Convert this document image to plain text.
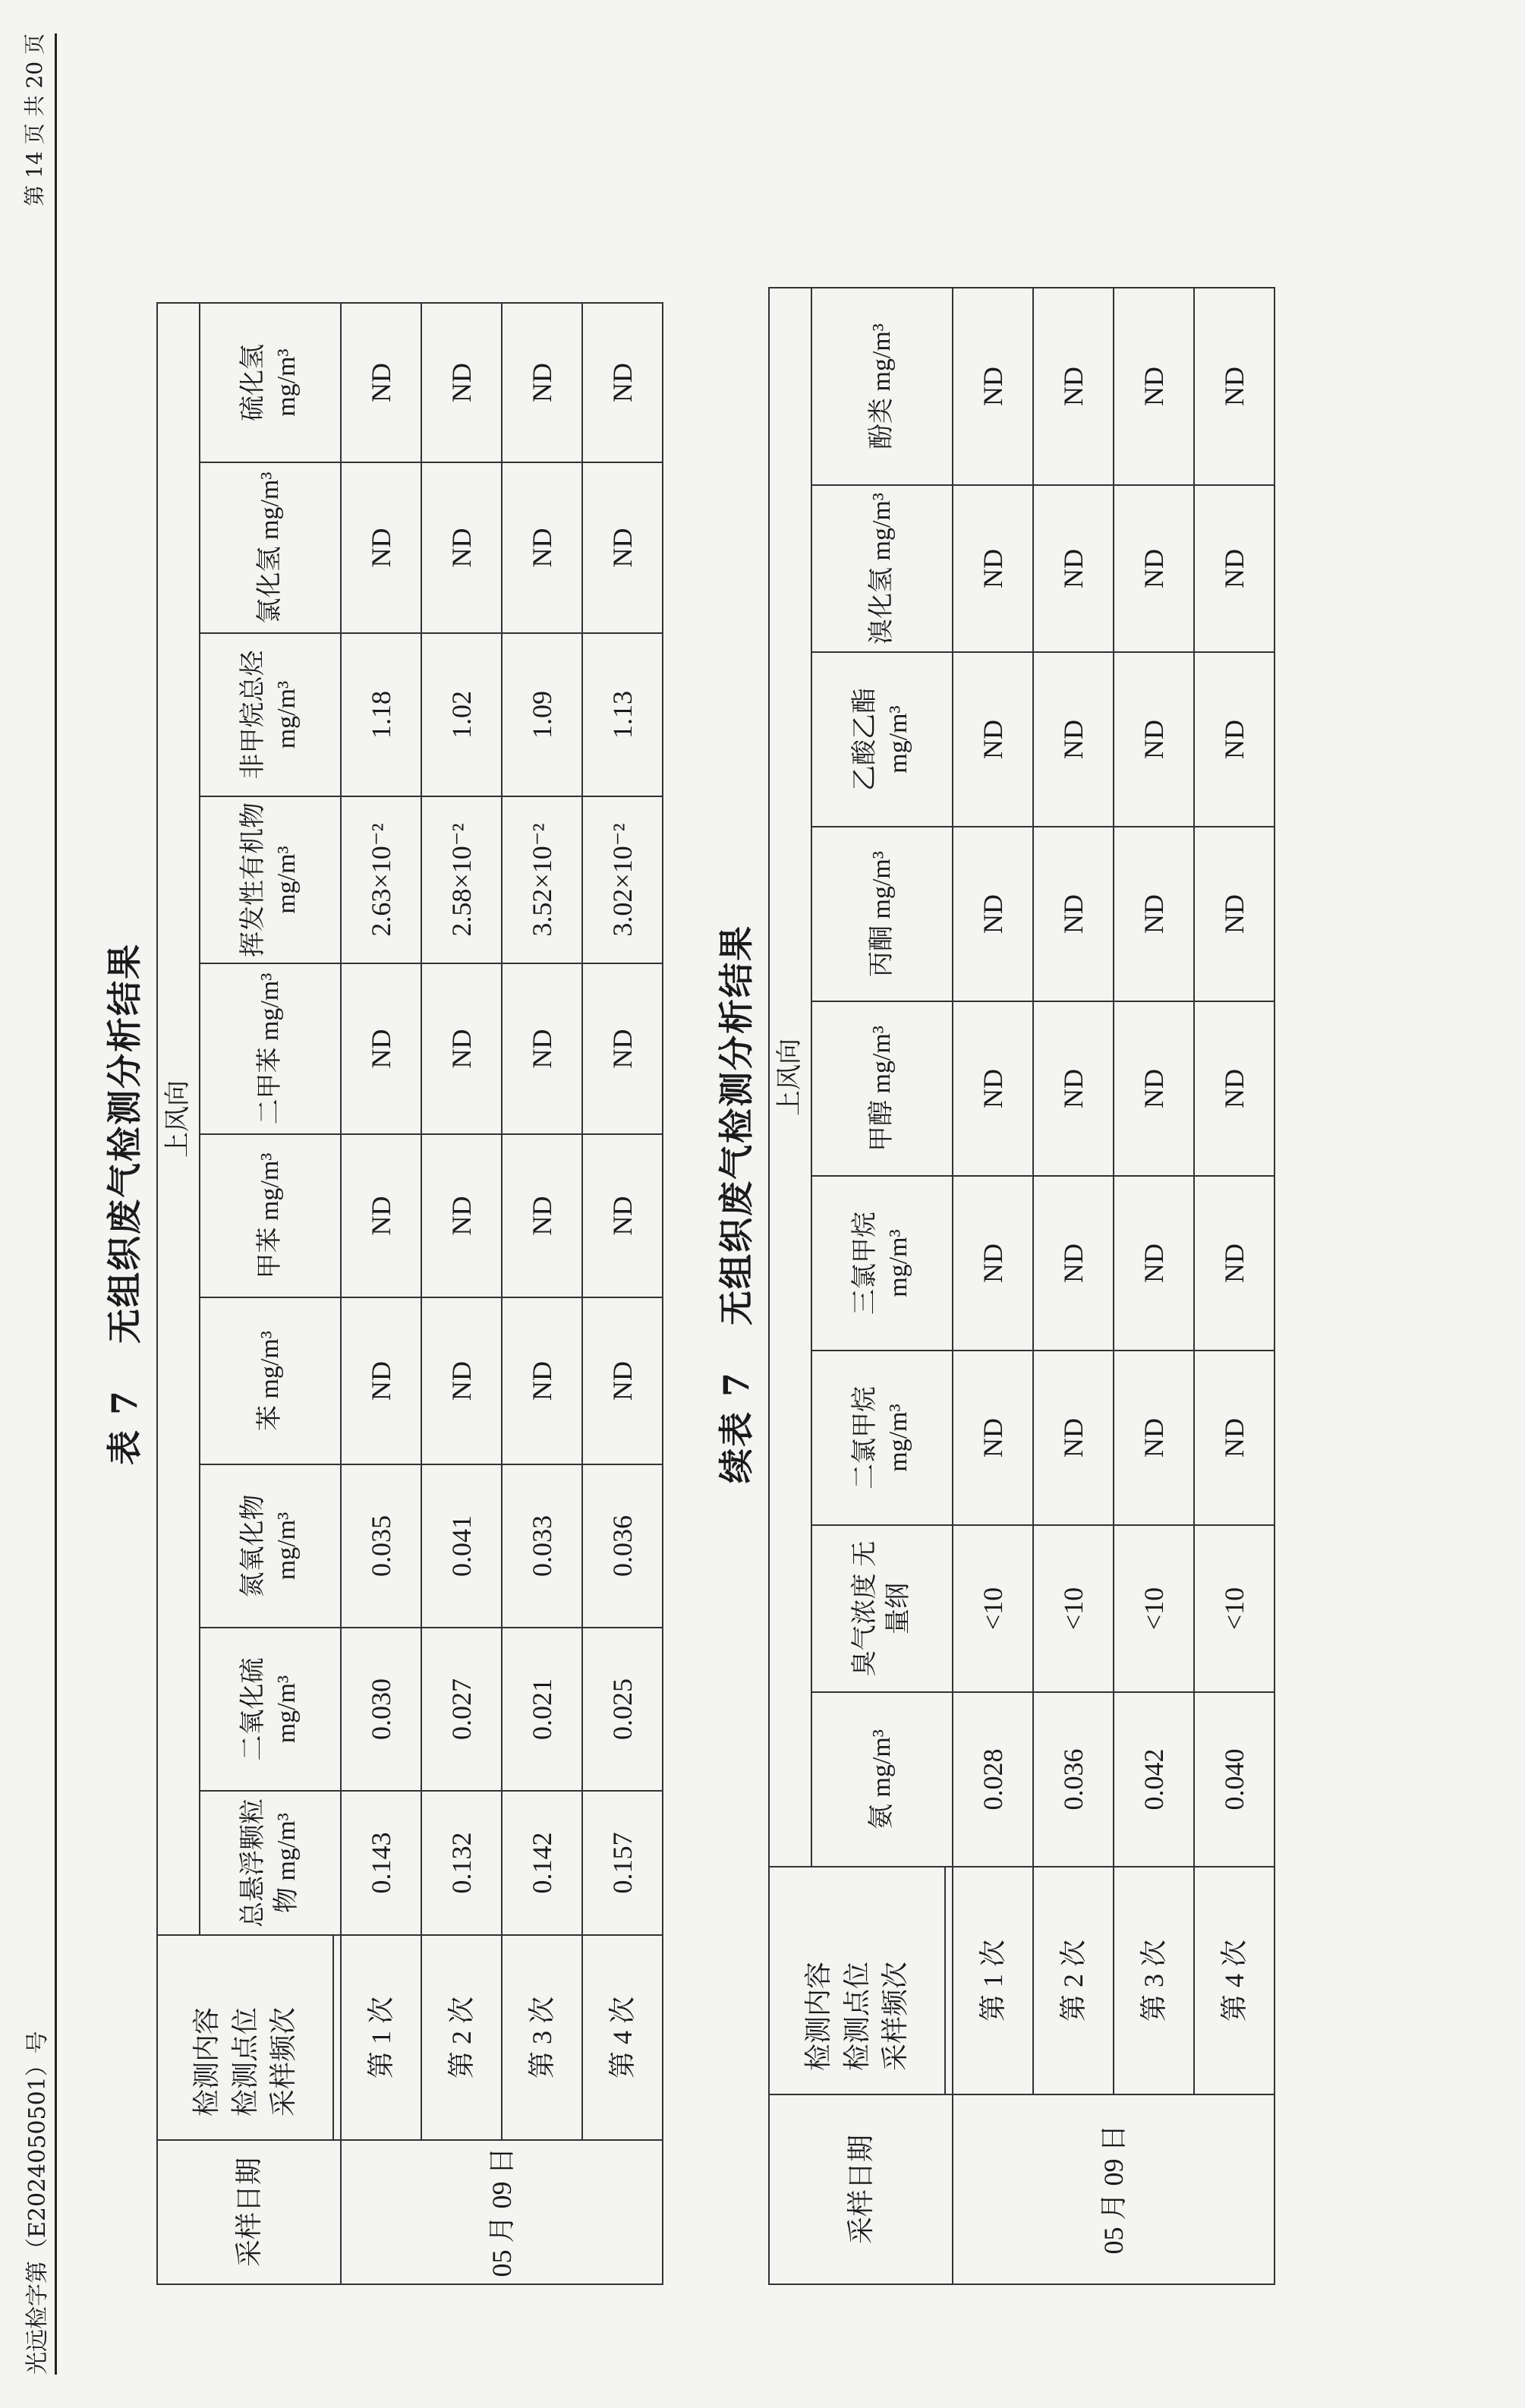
光远检字第（E2024050501）号
第 14 页 共 20 页
表 7无组织废气检测分析结果
采样日期	检测内容 检测点位 采样频次	上风向									
		总悬浮颗粒物 mg/m³	二氧化硫 mg/m³	氮氧化物 mg/m³	苯 mg/m³	甲苯 mg/m³	二甲苯 mg/m³	挥发性有机物 mg/m³	非甲烷总烃 mg/m³	氯化氢 mg/m³	硫化氢 mg/m³

05 月 09 日	第 1 次	0.143	0.030	0.035	ND	ND	ND	2.63×10⁻²	1.18	ND	ND
	第 2 次	0.132	0.027	0.041	ND	ND	ND	2.58×10⁻²	1.02	ND	ND
	第 3 次	0.142	0.021	0.033	ND	ND	ND	3.52×10⁻²	1.09	ND	ND
	第 4 次	0.157	0.025	0.036	ND	ND	ND	3.02×10⁻²	1.13	ND	ND
续表 7无组织废气检测分析结果
采样日期	检测内容 检测点位 采样频次	上风向								
		氨 mg/m³	臭气浓度 无量纲	二氯甲烷 mg/m³	三氯甲烷 mg/m³	甲醇 mg/m³	丙酮 mg/m³	乙酸乙酯 mg/m³	溴化氢 mg/m³	酚类 mg/m³

05 月 09 日	第 1 次	0.028	<10	ND	ND	ND	ND	ND	ND	ND
	第 2 次	0.036	<10	ND	ND	ND	ND	ND	ND	ND
	第 3 次	0.042	<10	ND	ND	ND	ND	ND	ND	ND
	第 4 次	0.040	<10	ND	ND	ND	ND	ND	ND	ND
